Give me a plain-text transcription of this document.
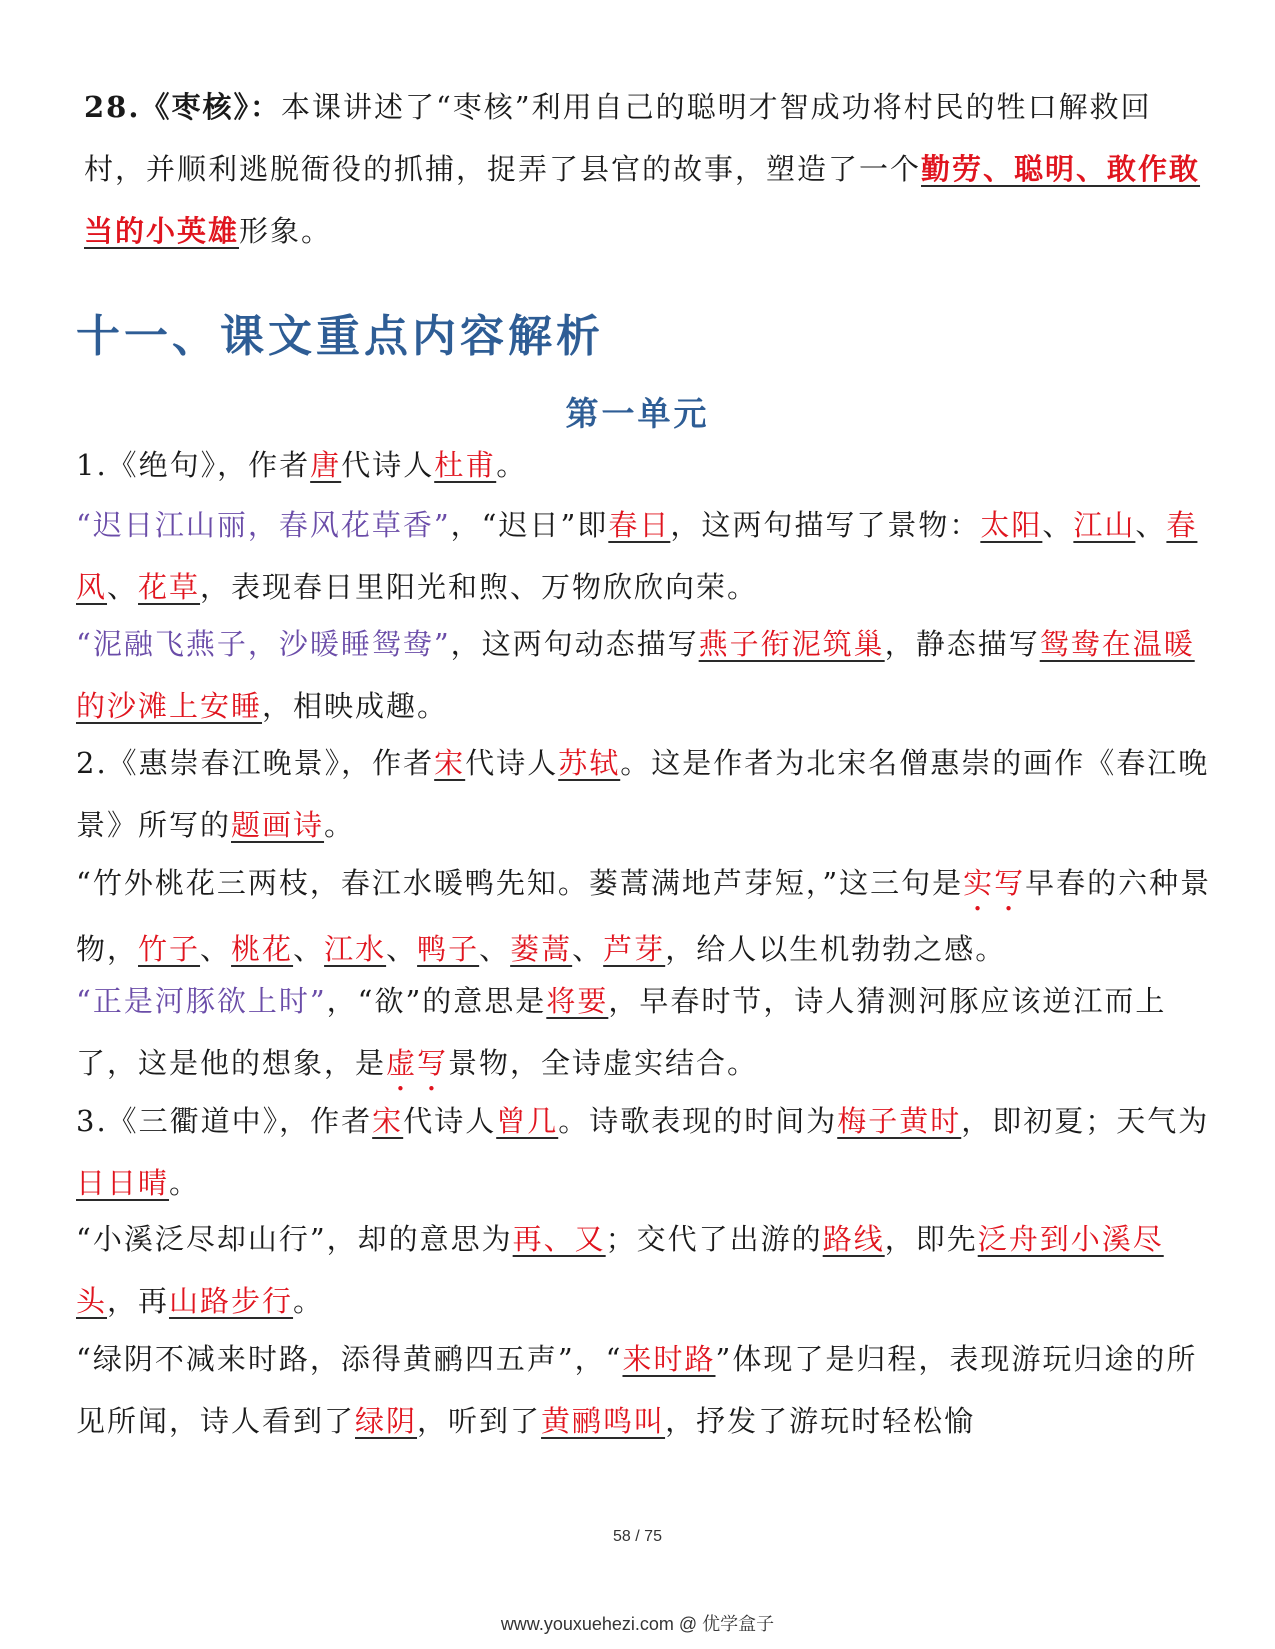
28.《枣核》：本课讲述了“枣核”利用自己的聪明才智成功将村民的牲口解救回村，并顺利逃脱衙役的抓捕，捉弄了县官的故事，塑造了一个勤劳、聪明、敢作敢当的小英雄形象。
十一、课文重点内容解析
第一单元
1.《绝句》，作者唐代诗人杜甫。
“迟日江山丽，春风花草香”，“迟日”即春日，这两句描写了景物：太阳、江山、春风、花草，表现春日里阳光和煦、万物欣欣向荣。
“泥融飞燕子，沙暖睡鸳鸯”，这两句动态描写燕子衔泥筑巢，静态描写鸳鸯在温暖的沙滩上安睡，相映成趣。
2.《惠崇春江晚景》，作者宋代诗人苏轼。这是作者为北宋名僧惠崇的画作《春江晚景》所写的题画诗。
“竹外桃花三两枝，春江水暖鸭先知。蒌蒿满地芦芽短，”这三句是实写早春的六种景物，竹子、桃花、江水、鸭子、蒌蒿、芦芽，给人以生机勃勃之感。
“正是河豚欲上时”，“欲”的意思是将要，早春时节，诗人猜测河豚应该逆江而上了，这是他的想象，是虚写景物，全诗虚实结合。
3.《三衢道中》，作者宋代诗人曾几。诗歌表现的时间为梅子黄时，即初夏；天气为日日晴。
“小溪泛尽却山行”，却的意思为再、又；交代了出游的路线，即先泛舟到小溪尽头，再山路步行。
“绿阴不减来时路，添得黄鹂四五声”，“来时路”体现了是归程，表现游玩归途的所见所闻，诗人看到了绿阴，听到了黄鹂鸣叫，抒发了游玩时轻松愉
58 / 75
www.youxuehezi.com @ 优学盒子
